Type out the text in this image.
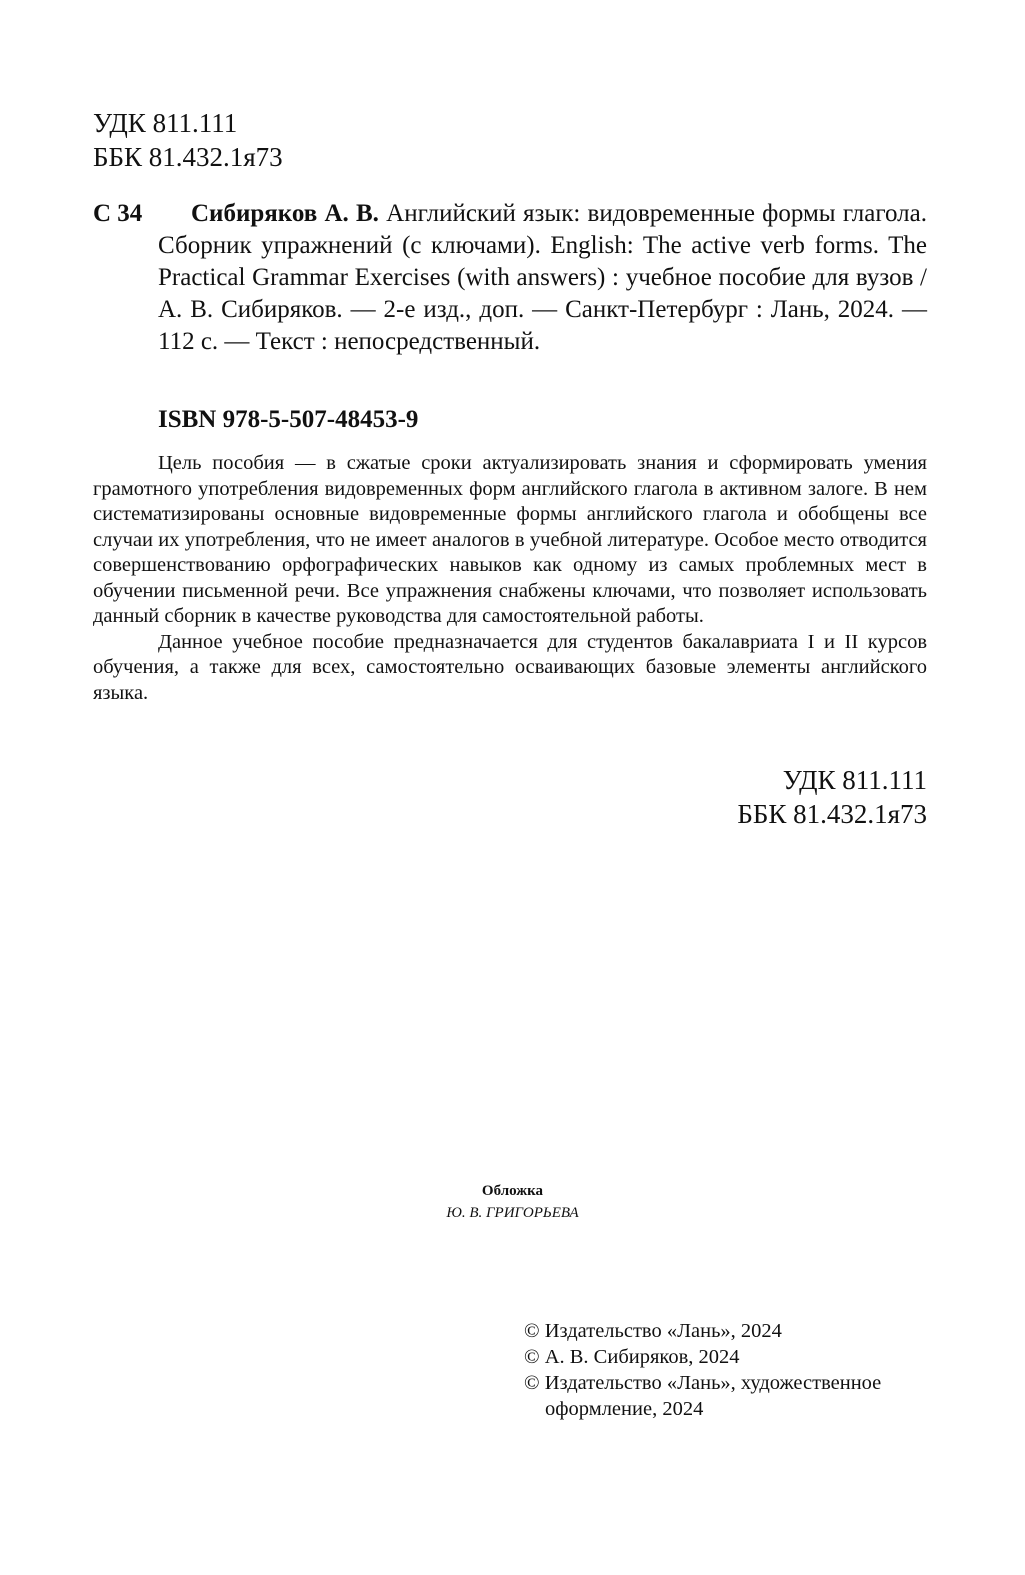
УДК 811.111
ББК 81.432.1я73
С 34	Сибиряков А. В. Английский язык: видовременные формы глагола. Сборник упражнений (с ключами). English: The active verb forms. The Practical Grammar Exercises (with answers) : учебное пособие для вузов / А. В. Сибиряков. — 2-е изд., доп. — Санкт-Петербург : Лань, 2024. — 112 с. — Текст : непосредственный.
ISBN 978-5-507-48453-9

Цель пособия — в сжатые сроки актуализировать знания и сформировать умения грамотного употребления видовременных форм английского глагола в активном залоге. В нем систематизированы основные видовременные формы английского глагола и обобщены все случаи их употребления, что не имеет аналогов в учебной литературе. Особое место отводится совершенствованию орфографических навыков как одному из самых проблемных мест в обучении письменной речи. Все упражнения снабжены ключами, что позволяет использовать данный сборник в качестве руководства для самостоятельной работы.

Данное учебное пособие предназначается для студентов бакалавриата I и II курсов обучения, а также для всех, самостоятельно осваивающих базовые элементы английского языка.

УДК 811.111
ББК 81.432.1я73
Обложка
Ю. В. ГРИГОРЬЕВА
© Издательство «Лань», 2024
© А. В. Сибиряков, 2024
© Издательство «Лань», художественное
оформление, 2024
